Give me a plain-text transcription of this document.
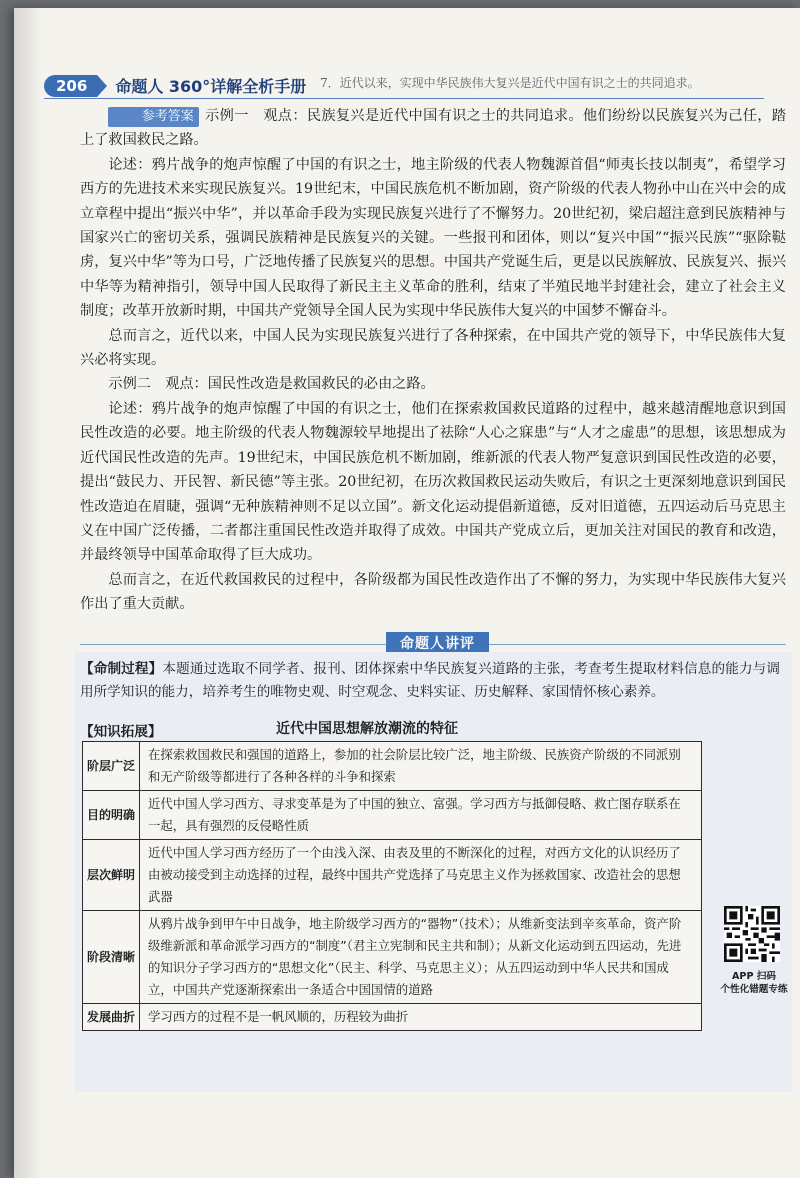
206	命题人 360°详解全析手册 7．近代以来，实现中华民族伟大复兴是近代中国有识之士的共同追求。

参考答案 示例一　观点：民族复兴是近代中国有识之士的共同追求。他们纷纷以民族复兴为己任，踏上了救国救民之路。

论述：鸦片战争的炮声惊醒了中国的有识之士，地主阶级的代表人物魏源首倡“师夷长技以制夷”，希望学习西方的先进技术来实现民族复兴。19世纪末，中国民族危机不断加剧，资产阶级的代表人物孙中山在兴中会的成立章程中提出“振兴中华”，并以革命手段为实现民族复兴进行了不懈努力。20世纪初，梁启超注意到民族精神与国家兴亡的密切关系，强调民族精神是民族复兴的关键。一些报刊和团体，则以“复兴中国”“振兴民族”“驱除鞑虏，复兴中华”等为口号，广泛地传播了民族复兴的思想。中国共产党诞生后，更是以民族解放、民族复兴、振兴中华等为精神指引，领导中国人民取得了新民主主义革命的胜利，结束了半殖民地半封建社会，建立了社会主义制度；改革开放新时期，中国共产党领导全国人民为实现中华民族伟大复兴的中国梦不懈奋斗。

总而言之，近代以来，中国人民为实现民族复兴进行了各种探索，在中国共产党的领导下，中华民族伟大复兴必将实现。

示例二　观点：国民性改造是救国救民的必由之路。

论述：鸦片战争的炮声惊醒了中国的有识之士，他们在探索救国救民道路的过程中，越来越清醒地意识到国民性改造的必要。地主阶级的代表人物魏源较早地提出了祛除“人心之寐患”与“人才之虚患”的思想，该思想成为近代国民性改造的先声。19世纪末，中国民族危机不断加剧，维新派的代表人物严复意识到国民性改造的必要，提出“鼓民力、开民智、新民德”等主张。20世纪初，在历次救国救民运动失败后，有识之士更深刻地意识到国民性改造迫在眉睫，强调“无种族精神则不足以立国”。新文化运动提倡新道德，反对旧道德，五四运动后马克思主义在中国广泛传播，二者都注重国民性改造并取得了成效。中国共产党成立后，更加关注对国民的教育和改造，并最终领导中国革命取得了巨大成功。

总而言之，在近代救国救民的过程中，各阶级都为国民性改造作出了不懈的努力，为实现中华民族伟大复兴作出了重大贡献。

命题人讲评
【命制过程】本题通过选取不同学者、报刊、团体探索中华民族复兴道路的主张，考查考生提取材料信息的能力与调用所学知识的能力，培养考生的唯物史观、时空观念、史料实证、历史解释、家国情怀核心素养。
【知识拓展】	近代中国思想解放潮流的特征
阶层广泛	在探索救国救民和强国的道路上，参加的社会阶层比较广泛，地主阶级、民族资产阶级的不同派别和无产阶级等都进行了各种各样的斗争和探索
目的明确	近代中国人学习西方、寻求变革是为了中国的独立、富强。学习西方与抵御侵略、救亡图存联系在一起，具有强烈的反侵略性质
层次鲜明	近代中国人学习西方经历了一个由浅入深、由表及里的不断深化的过程，对西方文化的认识经历了由被动接受到主动选择的过程，最终中国共产党选择了马克思主义作为拯救国家、改造社会的思想武器
阶段清晰	从鸦片战争到甲午中日战争，地主阶级学习西方的“器物”（技术）；从维新变法到辛亥革命，资产阶级维新派和革命派学习西方的“制度”（君主立宪制和民主共和制）；从新文化运动到五四运动，先进的知识分子学习西方的“思想文化”（民主、科学、马克思主义）；从五四运动到中华人民共和国成立，中国共产党逐渐探索出一条适合中国国情的道路
发展曲折	学习西方的过程不是一帆风顺的，历程较为曲折
APP 扫码
个性化错题专练
